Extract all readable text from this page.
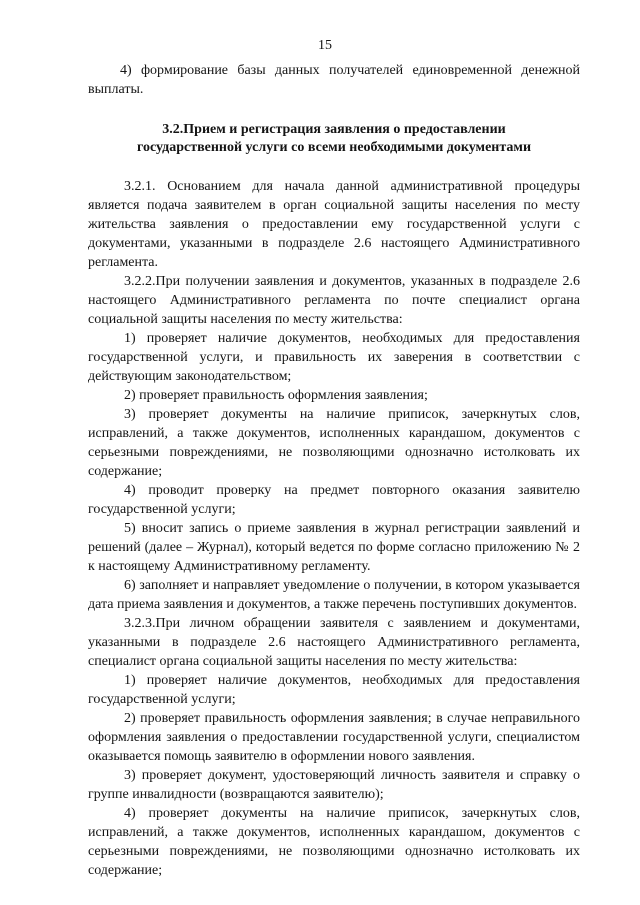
15

4) формирование базы данных получателей единовременной денежной выплаты.

3.2.Прием и регистрация заявления о предоставлении
государственной услуги со всеми необходимыми документами

3.2.1. Основанием для начала данной административной процедуры является подача заявителем в орган социальной защиты населения по месту жительства заявления о предоставлении ему государственной услуги с документами, указанными в подразделе 2.6 настоящего Административного регламента.

3.2.2.При получении заявления и документов, указанных в подразделе 2.6 настоящего Административного регламента по почте специалист органа социальной защиты населения по месту жительства:

1) проверяет наличие документов, необходимых для предоставления государственной услуги, и правильность их заверения в соответствии с действующим законодательством;

2) проверяет правильность оформления заявления;

3) проверяет документы на наличие приписок, зачеркнутых слов, исправлений, а также документов, исполненных карандашом, документов с серьезными повреждениями, не позволяющими однозначно истолковать их содержание;

4) проводит проверку на предмет повторного оказания заявителю государственной услуги;

5) вносит запись о приеме заявления в журнал регистрации заявлений и решений (далее – Журнал), который ведется по форме согласно приложению № 2 к настоящему Административному регламенту.

6) заполняет и направляет уведомление о получении, в котором указывается дата приема заявления и документов, а также перечень поступивших документов.

3.2.3.При личном обращении заявителя с заявлением и документами, указанными в подразделе 2.6 настоящего Административного регламента, специалист органа социальной защиты населения по месту жительства:

1) проверяет наличие документов, необходимых для предоставления государственной услуги;

2) проверяет правильность оформления заявления; в случае неправильного оформления заявления о предоставлении государственной услуги, специалистом оказывается помощь заявителю в оформлении нового заявления.

3) проверяет документ, удостоверяющий личность заявителя и справку о группе инвалидности (возвращаются заявителю);

4) проверяет документы на наличие приписок, зачеркнутых слов, исправлений, а также документов, исполненных карандашом, документов с серьезными повреждениями, не позволяющими однозначно истолковать их содержание;
